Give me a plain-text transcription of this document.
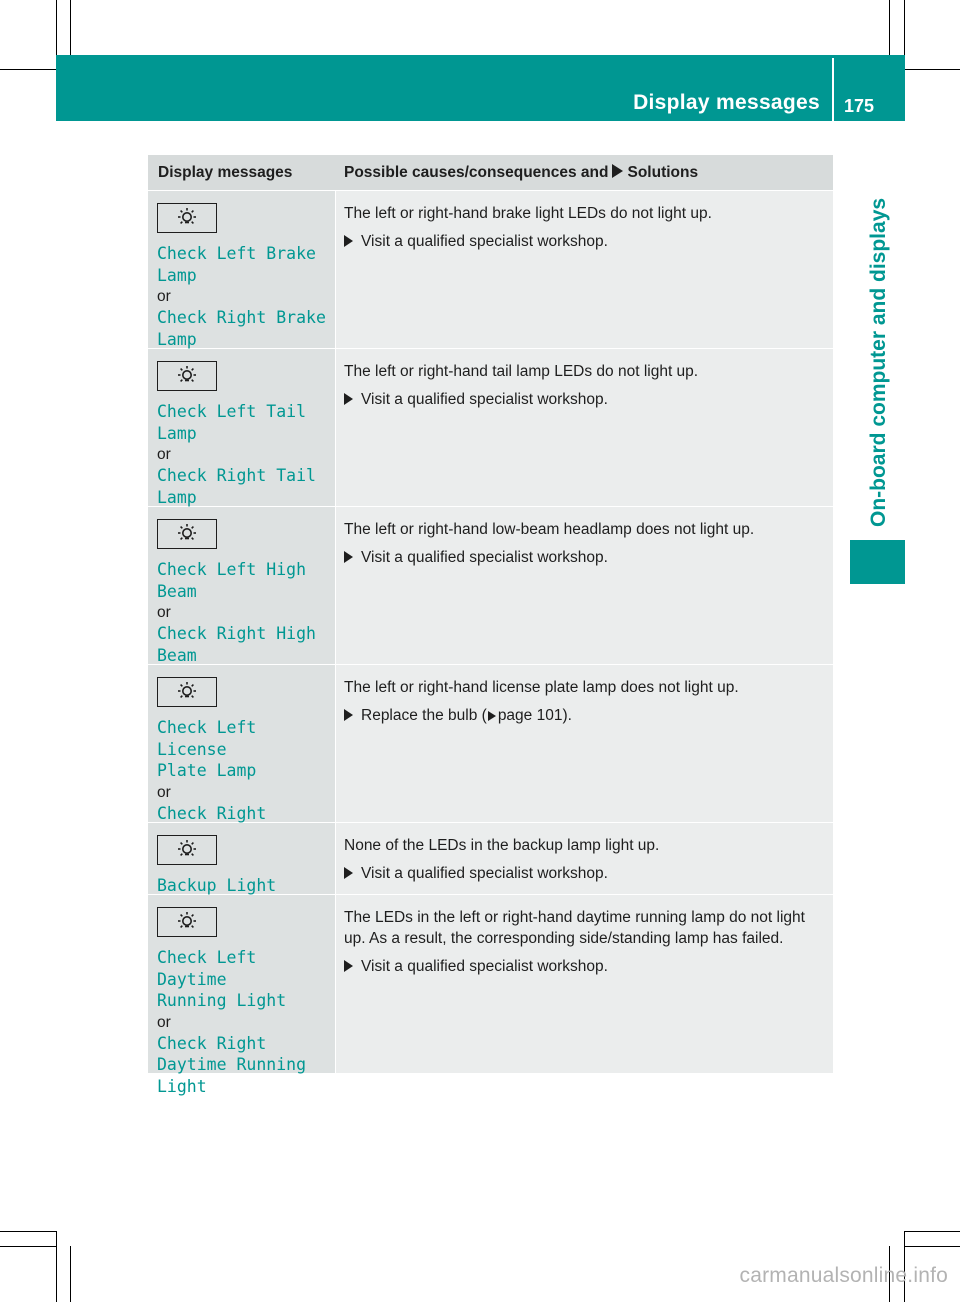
Display messages 175
On-board computer and displays
Display messages	Possible causes/consequences and Solutions
Check Left Brake
Lamp
or
Check Right Brake
Lamp
The left or right-hand brake light LEDs do not light up.
Visit a qualified specialist workshop.
Check Left Tail
Lamp
or
Check Right Tail
Lamp
The left or right-hand tail lamp LEDs do not light up.
Visit a qualified specialist workshop.
Check Left High
Beam
or
Check Right High
Beam
The left or right-hand low-beam headlamp does not light up.
Visit a qualified specialist workshop.
Check Left License
Plate Lamp
or
Check Right

The left or right-hand license plate lamp does not light up.
Replace the bulb ( page 101).
Backup Light
None of the LEDs in the backup lamp light up.
Visit a qualified specialist workshop.
Check Left Daytime
Running Light
or
Check Right
Daytime Running
Light
The LEDs in the left or right-hand daytime running lamp do not light up. As a result, the corresponding side/standing lamp has failed.
Visit a qualified specialist workshop.
carmanualsonline.info
